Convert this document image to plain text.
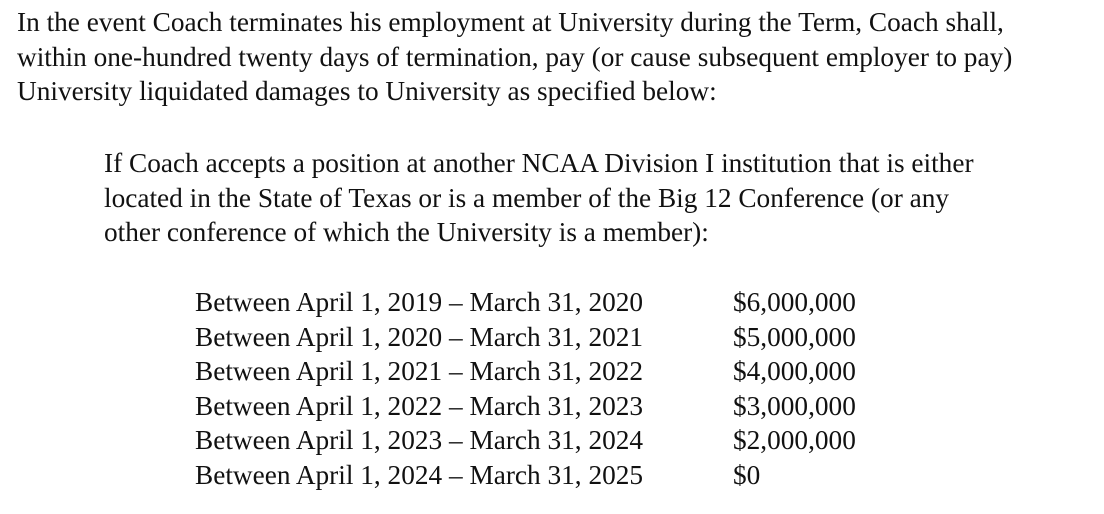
In the event Coach terminates his employment at University during the Term, Coach shall,
within one-hundred twenty days of termination, pay (or cause subsequent employer to pay)
University liquidated damages to University as specified below:
If Coach accepts a position at another NCAA Division I institution that is either
located in the State of Texas or is a member of the Big 12 Conference (or any
other conference of which the University is a member):
Between April 1, 2019 – March 31, 2020	$6,000,000
Between April 1, 2020 – March 31, 2021	$5,000,000
Between April 1, 2021 – March 31, 2022	$4,000,000
Between April 1, 2022 – March 31, 2023	$3,000,000
Between April 1, 2023 – March 31, 2024	$2,000,000
Between April 1, 2024 – March 31, 2025	$0
